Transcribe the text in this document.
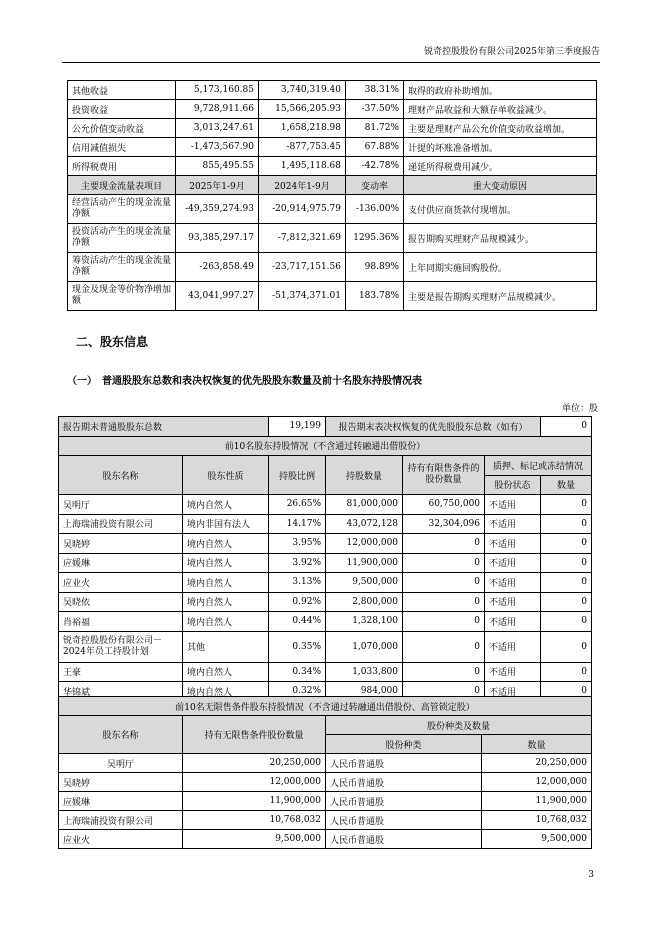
锐奇控股股份有限公司2025年第三季度报告
其他收益	5,173,160.85	3,740,319.40	38.31%	取得的政府补助增加。
投资收益	9,728,911.66	15,566,205.93	-37.50%	理财产品收益和大额存单收益减少。
公允价值变动收益	3,013,247.61	1,658,218.98	81.72%	主要是理财产品公允价值变动收益增加。
信用减值损失	-1,473,567.90	-877,753.45	67.88%	计提的坏账准备增加。
所得税费用	855,495.55	1,495,118.68	-42.78%	递延所得税费用减少。
主要现金流量表项目	2025年1-9月	2024年1-9月	变动率	重大变动原因
经营活动产生的现金流量净额	-49,359,274.93	-20,914,975.79	-136.00%	支付供应商货款付现增加。
投资活动产生的现金流量净额	93,385,297.17	-7,812,321.69	1295.36%	报告期购买理财产品规模减少。
筹资活动产生的现金流量净额	-263,858.49	-23,717,151.56	98.89%	上年同期实施回购股份。
现金及现金等价物净增加额	43,041,997.27	-51,374,371.01	183.78%	主要是报告期购买理财产品规模减少。
二、股东信息
（一）　普通股股东总数和表决权恢复的优先股股东数量及前十名股东持股情况表
单位：股
报告期末普通股股东总数		19,199	报告期末表决权恢复的优先股股东总数（如有）			0
前10名股东持股情况（不含通过转融通出借股份）						
股东名称	股东性质	持股比例	持股数量	持有有限售条件的股份数量	质押、标记或冻结情况	
					股份状态	数量
吴明厅	境内自然人	26.65%	81,000,000	60,750,000	不适用	0
上海瑞浦投资有限公司	境内非国有法人	14.17%	43,072,128	32,304,096	不适用	0
吴晓婷	境内自然人	3.95%	12,000,000	0	不适用	0
应媛琳	境内自然人	3.92%	11,900,000	0	不适用	0
应业火	境内自然人	3.13%	9,500,000	0	不适用	0
吴晓依	境内自然人	0.92%	2,800,000	0	不适用	0
肖裕福	境内自然人	0.44%	1,328,100	0	不适用	0
锐奇控股股份有限公司－2024年员工持股计划	其他	0.35%	1,070,000	0	不适用	0
王豪	境内自然人	0.34%	1,033,800	0	不适用	0
华锦斌	境内自然人	0.32%	984,000	0	不适用	0
前10名无限售条件股东持股情况（不含通过转融通出借股份、高管锁定股）			
股东名称	持有无限售条件股份数量	股份种类及数量	
		股份种类	数量
吴明厅	20,250,000	人民币普通股	20,250,000
吴晓婷	12,000,000	人民币普通股	12,000,000
应媛琳	11,900,000	人民币普通股	11,900,000
上海瑞浦投资有限公司	10,768,032	人民币普通股	10,768,032
应业火	9,500,000	人民币普通股	9,500,000
3
